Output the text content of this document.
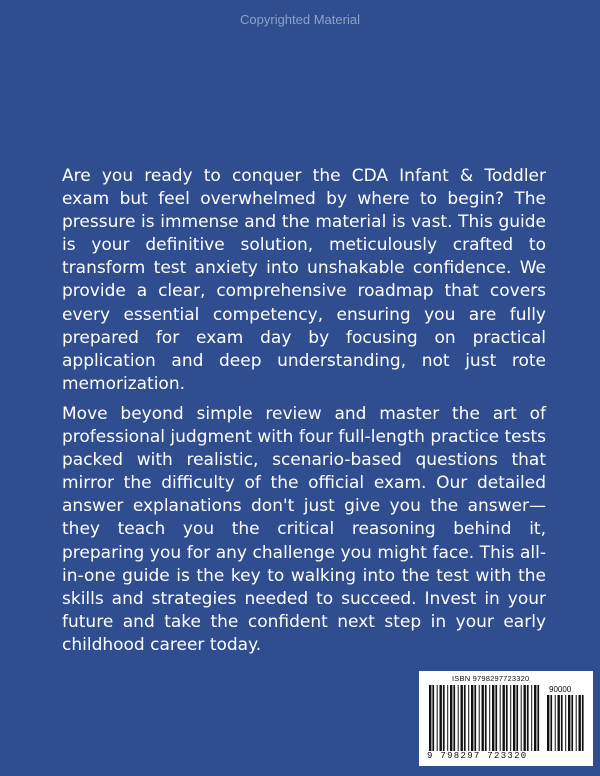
Copyrighted Material

Are you ready to conquer the CDA Infant & Toddler exam but feel overwhelmed by where to begin? The pressure is immense and the material is vast. This guide is your definitive solution, meticulously crafted to transform test anxiety into unshakable confidence. We provide a clear, comprehensive roadmap that covers every essential competency, ensuring you are fully prepared for exam day by focusing on practical application and deep understanding, not just rote memorization.

Move beyond simple review and master the art of professional judgment with four full-length practice tests packed with realistic, scenario-based questions that mirror the difficulty of the official exam. Our detailed answer explanations don't just give you the answer—they teach you the critical reasoning behind it, preparing you for any challenge you might face. This all-in-one guide is the key to walking into the test with the skills and strategies needed to succeed. Invest in your future and take the confident next step in your early childhood career today.

ISBN 9798297723320
90000
9 798297 723320
